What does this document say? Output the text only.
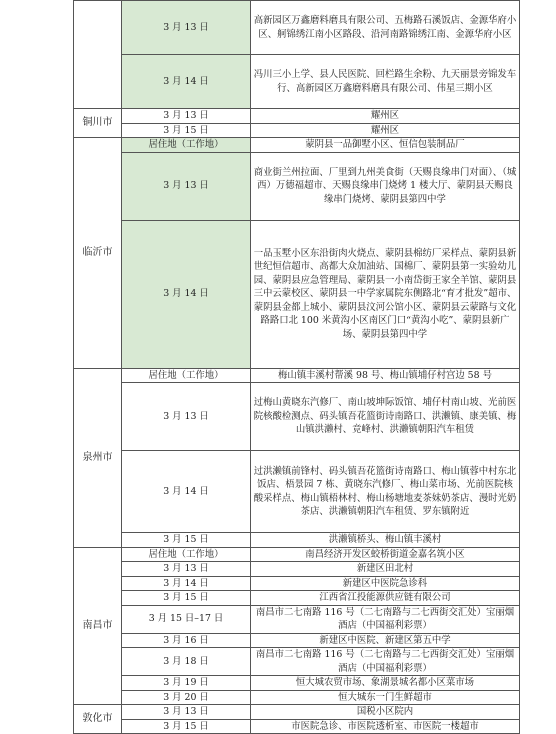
	3 月 13 日	高新园区万鑫磨料磨具有限公司、五梅路石溪饭店、金源华府小区、舸锦绣江南小区路段、沿河南路锦绣江南、金源华府小区
	3 月 14 日	冯川三小上学、县人民医院、回栏路生余粉、九天丽景旁锦发车行、高新园区万鑫磨料磨具有限公司、伟星三期小区
铜川市	3 月 13 日	耀州区
	3 月 15 日	耀州区
临沂市	居住地（工作地）	蒙阴县一品御墅小区、恒信包装制品厂
	3 月 13 日	商业街兰州拉面、厂里到九州美食街（天赐良缘串门对面）、（城西）万德福超市、天赐良缘串门烧烤 1 楼大厅、蒙阴县天赐良缘串门烧烤、蒙阴县第四中学
	3 月 14 日	一品玉墅小区东沿街肉火烧点、蒙阴县棉纺厂采样点、蒙阴县新世纪恒信超市、高都大众加油站、国棉厂、蒙阴县第一实验幼儿园、蒙阴县应急管理局、蒙阴县一小南岱街王家全羊馆、蒙阴县三中云蒙校区、蒙阴县一中学家属院东侧路北“育才批发”超市、蒙阴县金都上城小、蒙阴县汶河公馆小区、蒙阴县云蒙路与文化路路口北 100 米黄沟小区南区门口“黄沟小吃”、蒙阴县新广场、蒙阴县第四中学
泉州市	居住地（工作地）	梅山镇丰溪村帮溪 98 号、梅山镇埔仔村宫边 58 号
	3 月 13 日	过梅山黄晓东汽修厂、南山坡坤际饭馆、埔仔村南山坡、光前医院核酸检测点、码头镇吾花篮街诗南路口、洪濑镇、康美镇、梅山镇洪濑村、竞峰村、洪濑镇朝阳汽车租赁
	3 月 14 日	过洪濑镇前锋村、码头镇吾花篮街诗南路口、梅山镇蓉中村东北饭店、梧景园 7 栋、黄晓东汽修厂、梅山菜市场、光前医院核酸采样点、梅山镇梧林村、梅山杨塘地麦茶妹奶茶店、漫时光奶茶店、洪濑镇朝阳汽车租赁、罗东镇附近
	3 月 15 日	洪濑镇桥头、梅山镇丰溪村
南昌市	居住地（工作地）	南昌经济开发区蛟桥街道金嘉名筑小区
	3 月 13 日	新建区田北村
	3 月 14 日	新建区中医院急诊科
	3 月 15 日	江西省江投能源供应链有限公司
	3 月 15 日–17 日	南昌市二七南路 116 号（二七南路与二七西街交汇处）宝丽烟酒店（中国福利彩票）
	3 月 16 日	新建区中医院、新建区第五中学
	3 月 18 日	南昌市二七南路 116 号（二七南路与二七西街交汇处）宝丽烟酒店（中国福利彩票）
	3 月 19 日	恒大城农贸市场、象湖景城名都小区菜市场
	3 月 20 日	恒大城东一门生鲜超市
敦化市	3 月 13 日	国税小区院内
	3 月 15 日	市医院急诊、市医院透析室、市医院一楼超市
